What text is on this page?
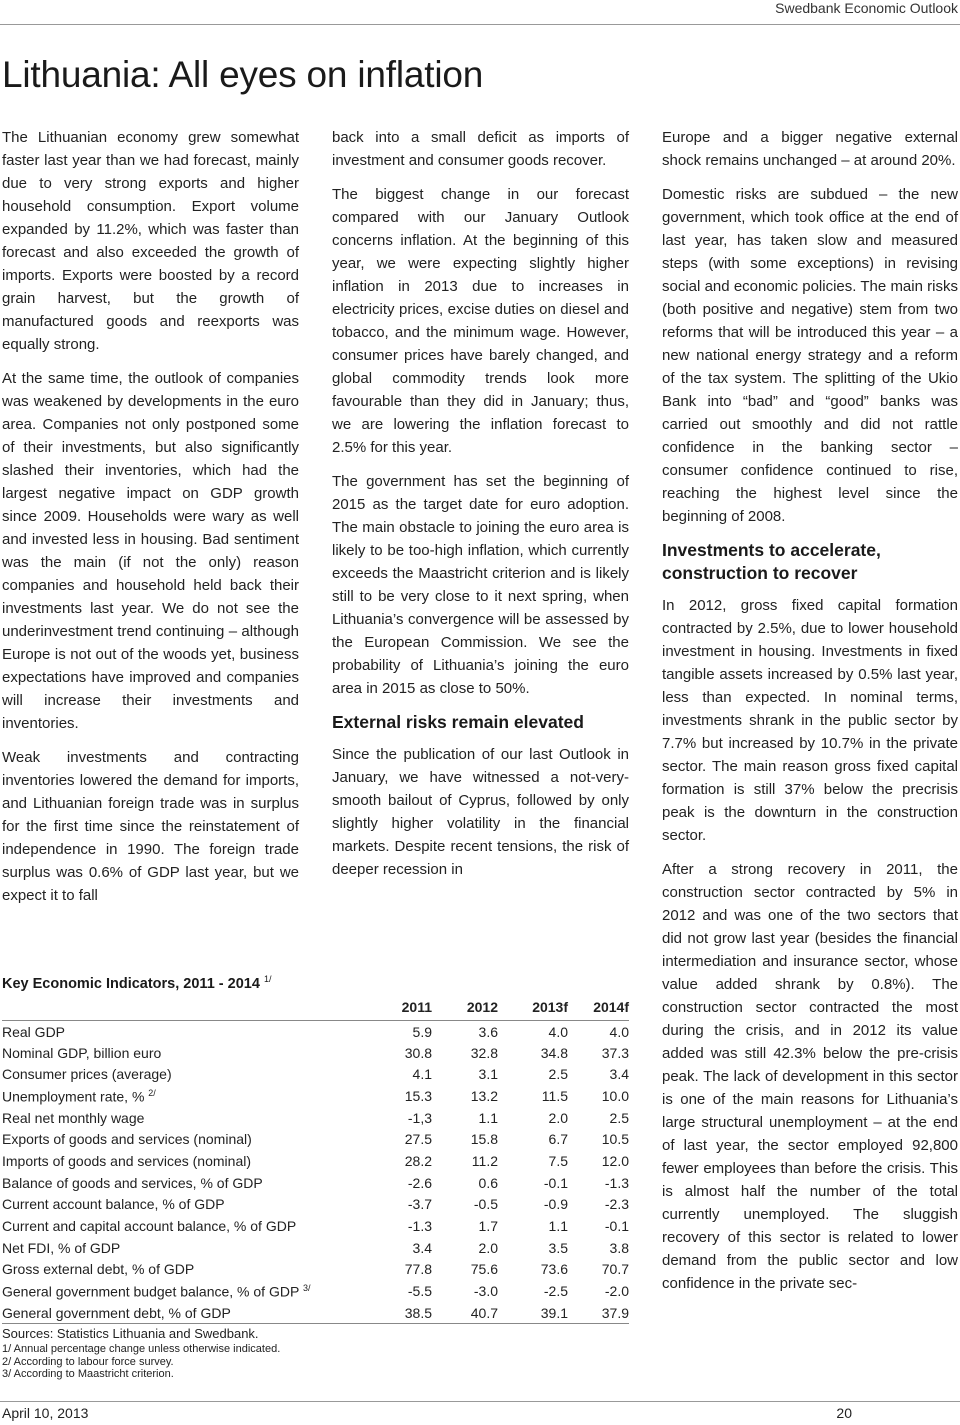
Swedbank Economic Outlook
Lithuania: All eyes on inflation

The Lithuanian economy grew somewhat faster last year than we had forecast, mainly due to very strong exports and higher household consumption. Export volume expanded by 11.2%, which was faster than forecast and also exceeded the growth of imports. Exports were boosted by a record grain harvest, but the growth of manufactured goods and reexports was equally strong.

At the same time, the outlook of companies was weakened by developments in the euro area. Companies not only postponed some of their investments, but also significantly slashed their inventories, which had the largest negative impact on GDP growth since 2009. Households were wary as well and invested less in housing. Bad sentiment was the main (if not the only) reason companies and household held back their investments last year. We do not see the underinvestment trend continuing – although Europe is not out of the woods yet, business expectations have improved and companies will increase their investments and inventories.

Weak investments and contracting inventories lowered the demand for imports, and Lithuanian foreign trade was in surplus for the first time since the reinstatement of independence in 1990. The foreign trade surplus was 0.6% of GDP last year, but we expect it to fall

back into a small deficit as imports of investment and consumer goods recover.

The biggest change in our forecast compared with our January Outlook concerns inflation. At the beginning of this year, we were expecting slightly higher inflation in 2013 due to increases in electricity prices, excise duties on diesel and tobacco, and the minimum wage. However, consumer prices have barely changed, and global commodity trends look more favourable than they did in January; thus, we are lowering the inflation forecast to 2.5% for this year.

The government has set the beginning of 2015 as the target date for euro adoption. The main obstacle to joining the euro area is likely to be too-high inflation, which currently exceeds the Maastricht criterion and is likely still to be very close to it next spring, when Lithuania’s convergence will be assessed by the European Commission. We see the probability of Lithuania’s joining the euro area in 2015 as close to 50%.

External risks remain elevated

Since the publication of our last Outlook in January, we have witnessed a not-very-smooth bailout of Cyprus, followed by only slightly higher volatility in the financial markets. Despite recent tensions, the risk of deeper recession in

Europe and a bigger negative external shock remains unchanged – at around 20%.

Domestic risks are subdued – the new government, which took office at the end of last year, has taken slow and measured steps (with some exceptions) in revising social and economic policies. The main risks (both positive and negative) stem from two reforms that will be introduced this year – a new national energy strategy and a reform of the tax system. The splitting of the Ukio Bank into “bad” and “good” banks was carried out smoothly and did not rattle confidence in the banking sector – consumer confidence continued to rise, reaching the highest level since the beginning of 2008.

Investments to accelerate, construction to recover

In 2012, gross fixed capital formation contracted by 2.5%, due to lower household investment in housing. Investments in fixed tangible assets increased by 0.5% last year, less than expected. In nominal terms, investments shrank in the public sector by 7.7% but increased by 10.7% in the private sector. The main reason gross fixed capital formation is still 37% below the precrisis peak is the downturn in the construction sector.

After a strong recovery in 2011, the construction sector contracted by 5% in 2012 and was one of the two sectors that did not grow last year (besides the financial intermediation and insurance sector, whose value added shrank by 0.8%). The construction sector contracted the most during the crisis, and in 2012 its value added was still 42.3% below the pre-crisis peak. The lack of development in this sector is one of the main reasons for Lithuania’s large structural unemployment – at the end of last year, the sector employed 92,800 fewer employees than before the crisis. This is almost half the number of the total currently unemployed. The sluggish recovery of this sector is related to lower demand from the public sector and low confidence in the private sec-

Key Economic Indicators, 2011 - 2014 $^{1/}$
	2011	2012	2013f	2014f
Real GDP	5.9	3.6	4.0	4.0
Nominal GDP, billion euro	30.8	32.8	34.8	37.3
Consumer prices (average)	4.1	3.1	2.5	3.4
Unemployment rate, % $^{2/}$	15.3	13.2	11.5	10.0
Real net monthly wage	-1,3	1.1	2.0	2.5
Exports of goods and services (nominal)	27.5	15.8	6.7	10.5
Imports of goods and services (nominal)	28.2	11.2	7.5	12.0
Balance of goods and services, % of GDP	-2.6	0.6	-0.1	-1.3
Current account balance, % of GDP	-3.7	-0.5	-0.9	-2.3
Current and capital account balance, % of GDP	-1.3	1.7	1.1	-0.1
Net FDI, % of GDP	3.4	2.0	3.5	3.8
Gross external debt, % of GDP	77.8	75.6	73.6	70.7
General government budget balance, % of GDP $^{3/}$	-5.5	-3.0	-2.5	-2.0
General government debt, % of GDP	38.5	40.7	39.1	37.9
Sources: Statistics Lithuania and Swedbank.
1/ Annual percentage change unless otherwise indicated.
2/ According to labour force survey.
3/ According to Maastricht criterion.
April 10, 2013	20
